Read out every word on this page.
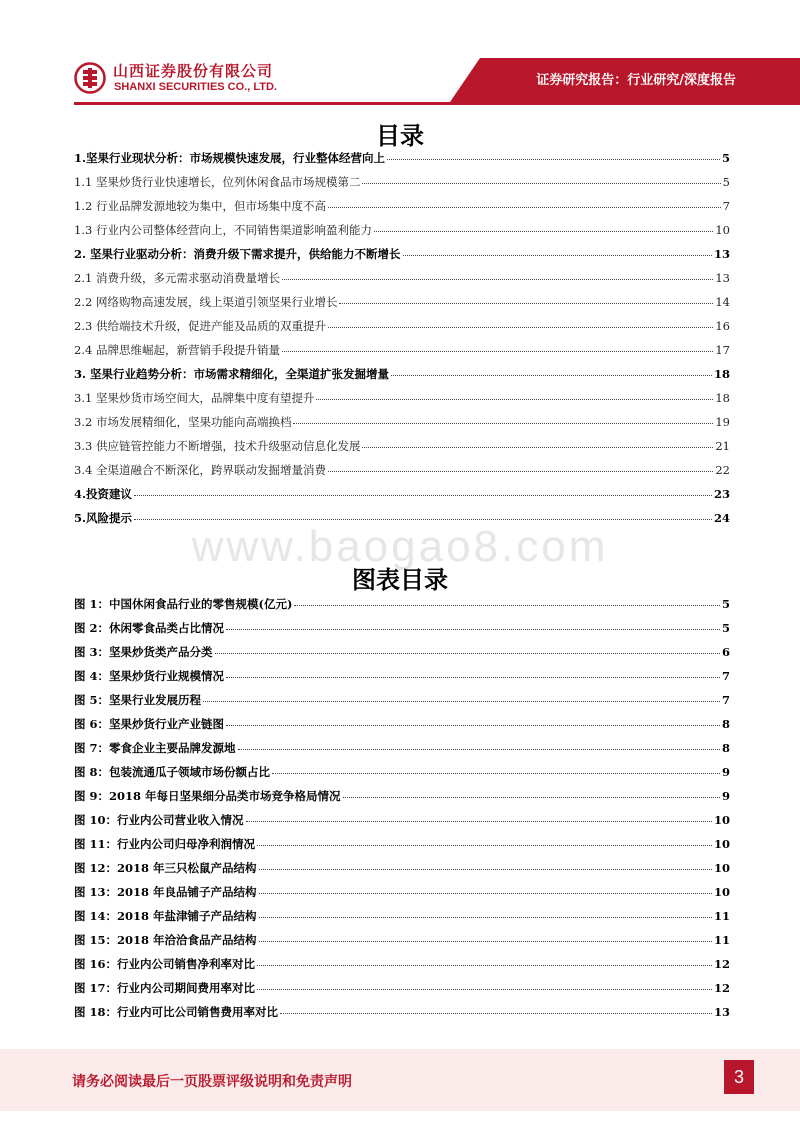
山西证券股份有限公司
SHANXI SECURITIES CO., LTD.	证券研究报告：行业研究/深度报告
目录
1.坚果行业现状分析：市场规模快速发展，行业整体经营向上	5
1.1 坚果炒货行业快速增长，位列休闲食品市场规模第二	5
1.2 行业品牌发源地较为集中，但市场集中度不高	7
1.3 行业内公司整体经营向上，不同销售渠道影响盈利能力	10
2. 坚果行业驱动分析：消费升级下需求提升，供给能力不断增长	13
2.1 消费升级，多元需求驱动消费量增长	13
2.2 网络购物高速发展，线上渠道引领坚果行业增长	14
2.3 供给端技术升级，促进产能及品质的双重提升	16
2.4 品牌思维崛起，新营销手段提升销量	17
3. 坚果行业趋势分析：市场需求精细化，全渠道扩张发掘增量	18
3.1 坚果炒货市场空间大，品牌集中度有望提升	18
3.2 市场发展精细化，坚果功能向高端换档	19
3.3 供应链管控能力不断增强，技术升级驱动信息化发展	21
3.4 全渠道融合不断深化，跨界联动发掘增量消费	22
4.投资建议	23
5.风险提示	24
www.baogao8.com
图表目录
图 1：中国休闲食品行业的零售规模(亿元)	5
图 2：休闲零食品类占比情况	5
图 3：坚果炒货类产品分类	6
图 4：坚果炒货行业规模情况	7
图 5：坚果行业发展历程	7
图 6：坚果炒货行业产业链图	8
图 7：零食企业主要品牌发源地	8
图 8：包装流通瓜子领域市场份额占比	9
图 9：2018 年每日坚果细分品类市场竞争格局情况	9
图 10：行业内公司营业收入情况	10
图 11：行业内公司归母净利润情况	10
图 12：2018 年三只松鼠产品结构	10
图 13：2018 年良品铺子产品结构	10
图 14：2018 年盐津铺子产品结构	11
图 15：2018 年洽洽食品产品结构	11
图 16：行业内公司销售净利率对比	12
图 17：行业内公司期间费用率对比	12
图 18：行业内可比公司销售费用率对比	13
请务必阅读最后一页股票评级说明和免责声明	3
